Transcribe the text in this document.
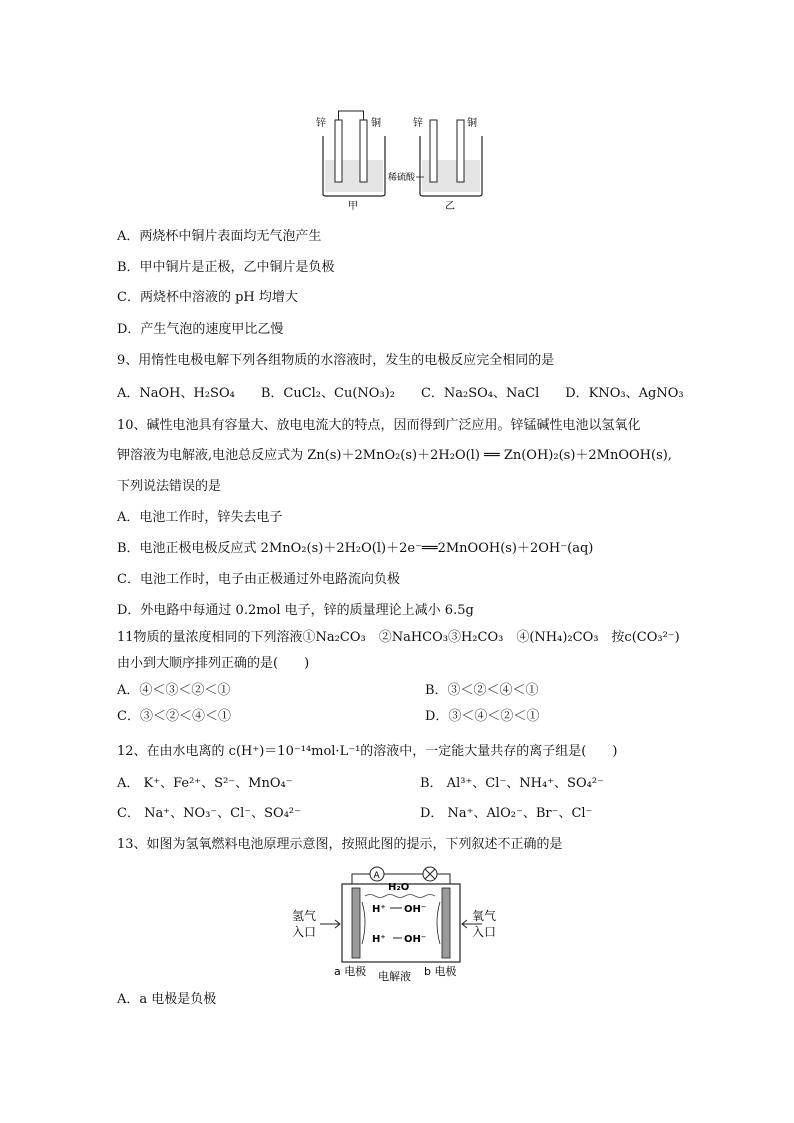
锌	铜
甲
锌	铜
乙
稀硫酸
A．两烧杯中铜片表面均无气泡产生
B．甲中铜片是正极，乙中铜片是负极
C．两烧杯中溶液的 pH 均增大
D．产生气泡的速度甲比乙慢
9、用惰性电极电解下列各组物质的水溶液时，发生的电极反应完全相同的是
A．NaOH、H₂SO₄　　B．CuCl₂、Cu(NO₃)₂　　C．Na₂SO₄、NaCl　　D．KNO₃、AgNO₃
10、碱性电池具有容量大、放电电流大的特点，因而得到广泛应用。锌锰碱性电池以氢氧化
钾溶液为电解液,电池总反应式为 Zn(s)＋2MnO₂(s)＋2H₂O(l) ══ Zn(OH)₂(s)＋2MnOOH(s),
下列说法错误的是
A．电池工作时，锌失去电子
B．电池正极电极反应式 2MnO₂(s)＋2H₂O(l)＋2e⁻══2MnOOH(s)＋2OH⁻(aq)
C．电池工作时，电子由正极通过外电路流向负极
D．外电路中每通过 0.2mol 电子，锌的质量理论上减小 6.5g
11物质的量浓度相同的下列溶液①Na₂CO₃　②NaHCO₃③H₂CO₃　④(NH₄)₂CO₃　按c(CO₃²⁻)
由小到大顺序排列正确的是(　　)
A．④＜③＜②＜①	B．③＜②＜④＜①
C．③＜②＜④＜①	D．③＜④＜②＜①
12、在由水电离的 c(H⁺)＝10⁻¹⁴mol·L⁻¹的溶液中，一定能大量共存的离子组是(　　)
A． K⁺、Fe²⁺、S²⁻、MnO₄⁻	B． Al³⁺、Cl⁻、NH₄⁺、SO₄²⁻
C． Na⁺、NO₃⁻、Cl⁻、SO₄²⁻	D． Na⁺、AlO₂⁻、Br⁻、Cl⁻
13、如图为氢氧燃料电池原理示意图，按照此图的提示，下列叙述不正确的是
A
H₂O
H⁺ OH⁻
H⁺ OH⁻
氢气
入口
氧气
入口
a 电极	b 电极
电解液
A．a 电极是负极
